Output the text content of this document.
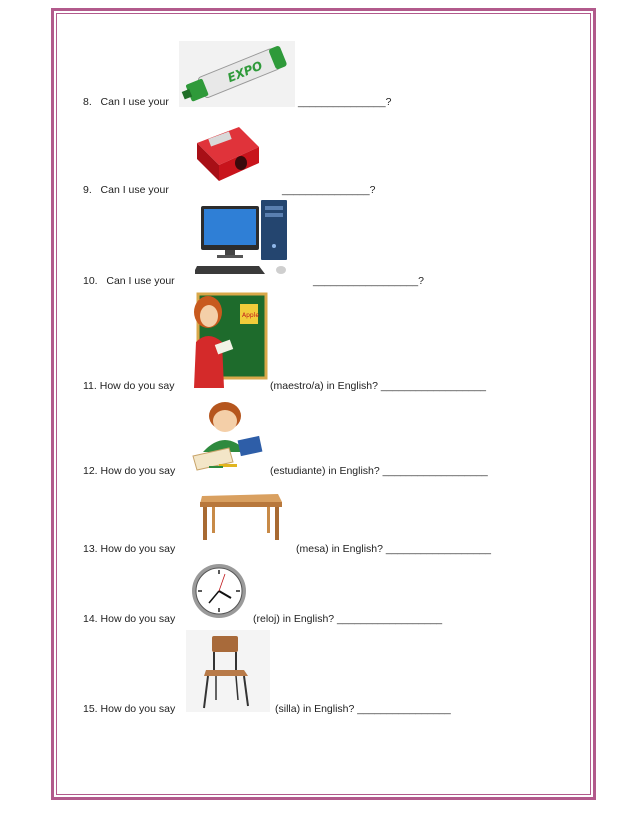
8. Can I use your	_______________?
EXPO
9. Can I use your	_______________?
10. Can I use your	__________________?
11. How do you say	(maestro/a) in English? __________________
Apple
12. How do you say	(estudiante) in English? __________________
13. How do you say	(mesa) in English? __________________
14. How do you say	(reloj) in English? __________________
15. How do you say	(silla) in English? ________________
